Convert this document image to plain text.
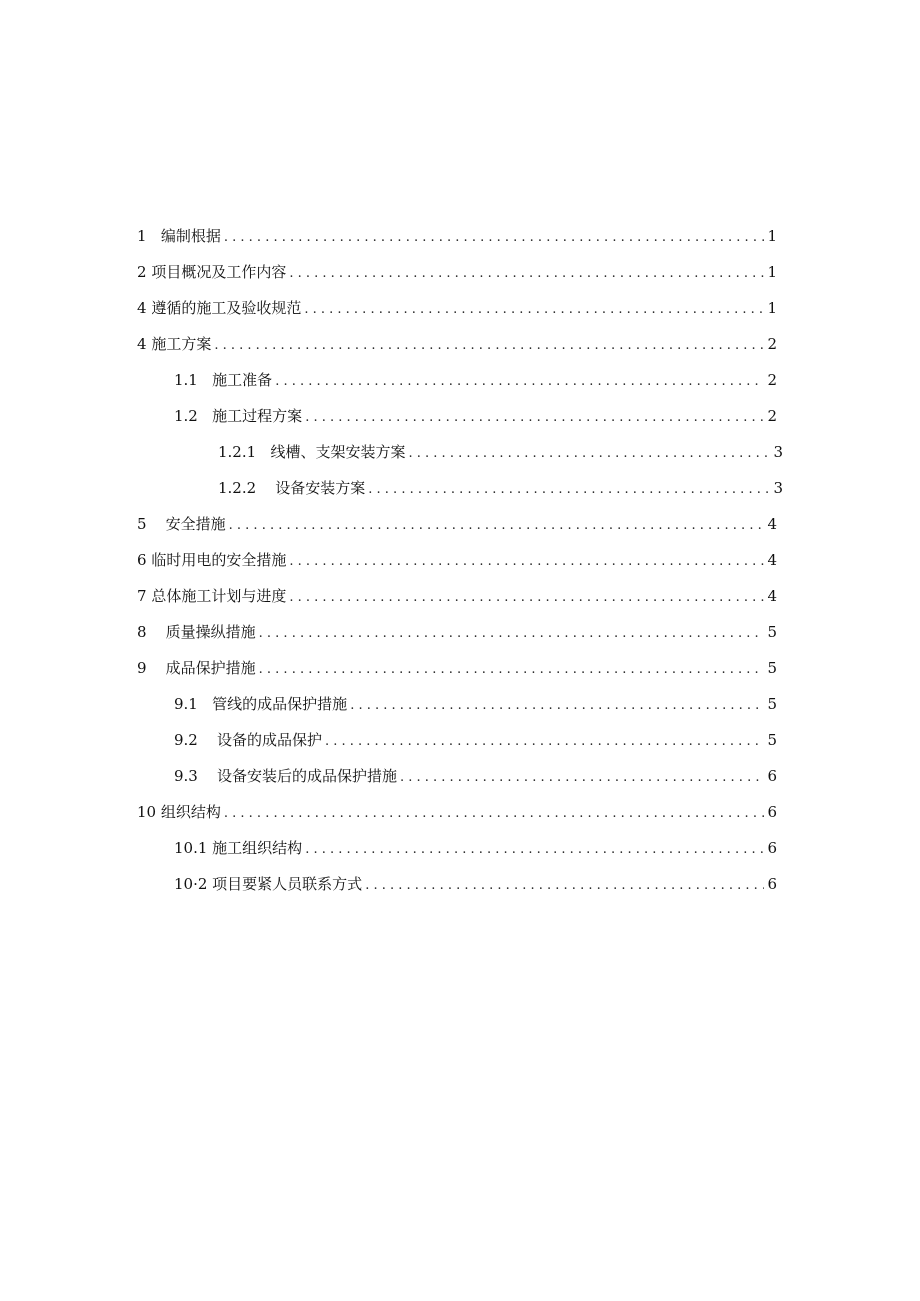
1 编制根据 . . .	1
2 项目概况及工作内容 . . .	1
4 遵循的施工及验收规范 . . .	1
4 施工方案 . . .	2
1.1 施工准备 . . .	2
1.2 施工过程方案 . . .	2
1.2.1 线槽、支架安装方案 . . .	3
1.2.2 设备安装方案 . . .	3
5 安全措施 . . .	4
6 临时用电的安全措施 . . .	4
7 总体施工计划与进度 . . .	4
8 质量操纵措施 . . .	5
9 成品保护措施 . . .	5
9.1 管线的成品保护措施 . . .	5
9.2 设备的成品保护 . . .	5
9.3 设备安装后的成品保护措施 . . .	6
10 组织结构 . . .	6
10.1 施工组织结构 . . .	6
10·2 项目要紧人员联系方式 . . .	6
